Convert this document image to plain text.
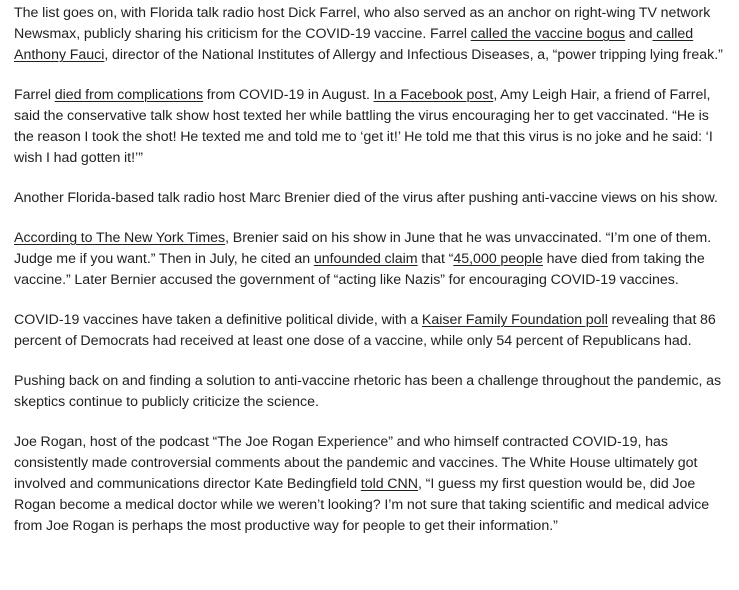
The list goes on, with Florida talk radio host Dick Farrel, who also served as an anchor on right-wing TV network Newsmax, publicly sharing his criticism for the COVID-19 vaccine. Farrel called the vaccine bogus and called Anthony Fauci, director of the National Institutes of Allergy and Infectious Diseases, a, “power tripping lying freak.”

Farrel died from complications from COVID-19 in August. In a Facebook post, Amy Leigh Hair, a friend of Farrel, said the conservative talk show host texted her while battling the virus encouraging her to get vaccinated. “He is the reason I took the shot! He texted me and told me to ‘get it!’ He told me that this virus is no joke and he said: ‘I wish I had gotten it!’”

Another Florida-based talk radio host Marc Brenier died of the virus after pushing anti-vaccine views on his show.

According to The New York Times, Brenier said on his show in June that he was unvaccinated. “I’m one of them. Judge me if you want.” Then in July, he cited an unfounded claim that “45,000 people have died from taking the vaccine.” Later Bernier accused the government of “acting like Nazis” for encouraging COVID-19 vaccines.

COVID-19 vaccines have taken a definitive political divide, with a Kaiser Family Foundation poll revealing that 86 percent of Democrats had received at least one dose of a vaccine, while only 54 percent of Republicans had.

Pushing back on and finding a solution to anti-vaccine rhetoric has been a challenge throughout the pandemic, as skeptics continue to publicly criticize the science.

Joe Rogan, host of the podcast “The Joe Rogan Experience” and who himself contracted COVID-19, has consistently made controversial comments about the pandemic and vaccines. The White House ultimately got involved and communications director Kate Bedingfield told CNN, “I guess my first question would be, did Joe Rogan become a medical doctor while we weren’t looking? I’m not sure that taking scientific and medical advice from Joe Rogan is perhaps the most productive way for people to get their information.”
